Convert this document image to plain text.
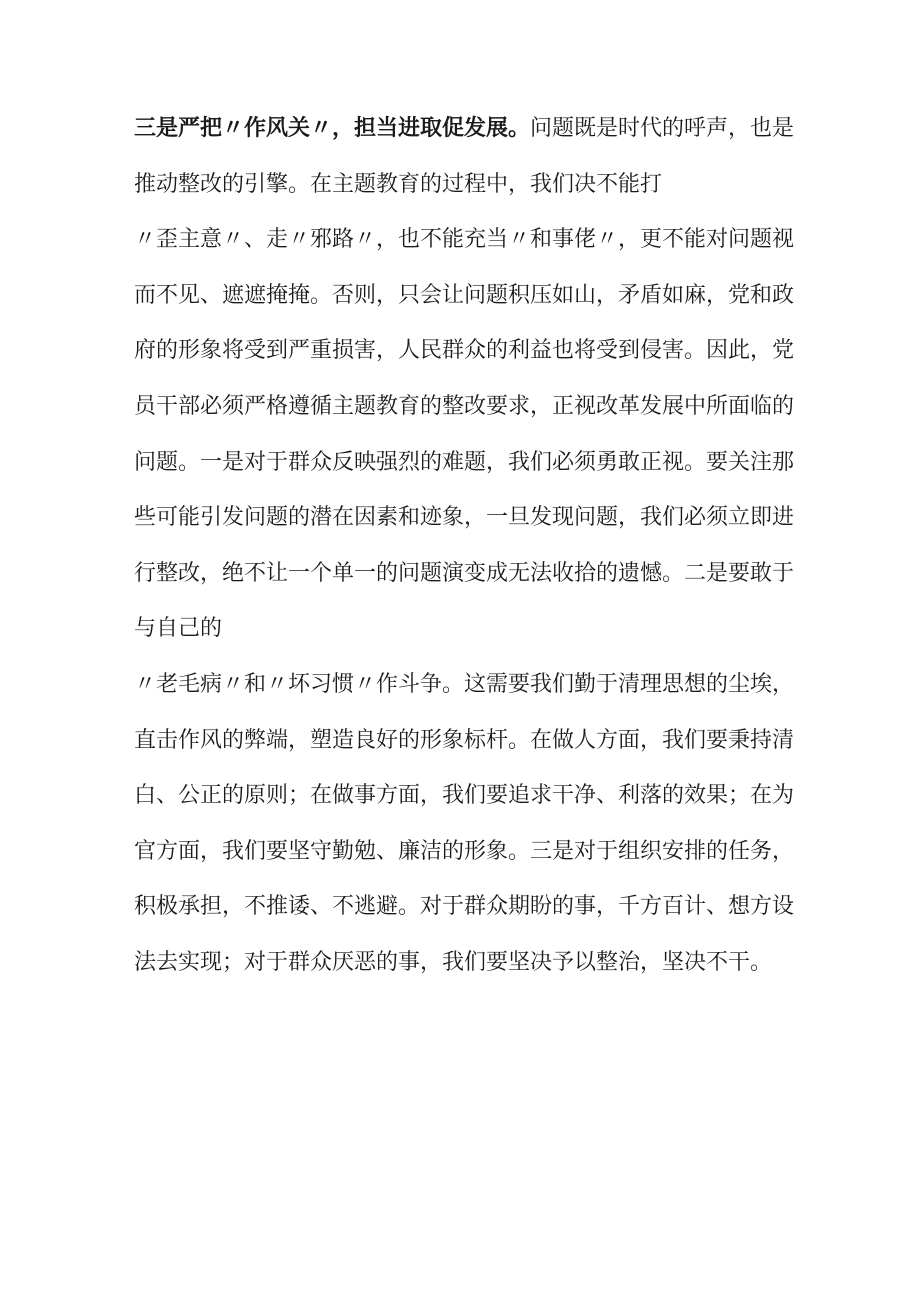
三是严把〃作风关〃，担当进取促发展。问题既是时代的呼声，也是
推动整改的引擎。在主题教育的过程中，我们决不能打
〃歪主意〃、走〃邪路〃，也不能充当〃和事佬〃，更不能对问题视
而不见、遮遮掩掩。否则，只会让问题积压如山，矛盾如麻，党和政
府的形象将受到严重损害，人民群众的利益也将受到侵害。因此，党
员干部必须严格遵循主题教育的整改要求，正视改革发展中所面临的
问题。一是对于群众反映强烈的难题，我们必须勇敢正视。要关注那
些可能引发问题的潜在因素和迹象，一旦发现问题，我们必须立即进
行整改，绝不让一个单一的问题演变成无法收拾的遗憾。二是要敢于
与自己的
〃老毛病〃和〃坏习惯〃作斗争。这需要我们勤于清理思想的尘埃，
直击作风的弊端，塑造良好的形象标杆。在做人方面，我们要秉持清
白、公正的原则；在做事方面，我们要追求干净、利落的效果；在为
官方面，我们要坚守勤勉、廉洁的形象。三是对于组织安排的任务，
积极承担，不推诿、不逃避。对于群众期盼的事，千方百计、想方设
法去实现；对于群众厌恶的事，我们要坚决予以整治，坚决不干。
